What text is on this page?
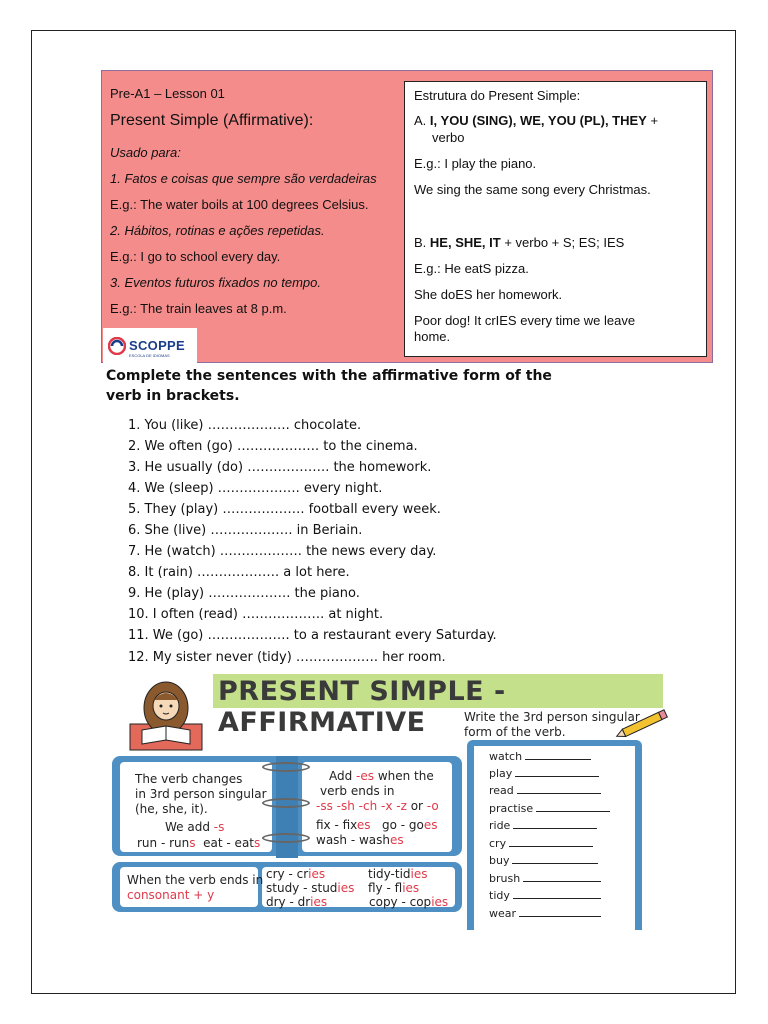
Pre-A1 – Lesson 01
Present Simple (Affirmative):
Usado para:
1. Fatos e coisas que sempre são verdadeiras
E.g.: The water boils at 100 degrees Celsius.
2. Hábitos, rotinas e ações repetidas.
E.g.: I go to school every day.
3. Eventos futuros fixados no tempo.
E.g.: The train leaves at 8 p.m.
Estrutura do Present Simple:
A. I, YOU (SING), WE, YOU (PL), THEY +
verbo
E.g.: I play the piano.
We sing the same song every Christmas.
B. HE, SHE, IT + verbo + S; ES; IES
E.g.: He eatS pizza.
She doES her homework.
Poor dog! It crIES every time we leave
home.
SCOPPE
ESCOLA DE IDIOMAS
Complete the sentences with the affirmative form of the verb in brackets.
1. You (like) ………………. chocolate.
2. We often (go) ………………. to the cinema.
3. He usually (do) ………………. the homework.
4. We (sleep) ………………. every night.
5. They (play) ………………. football every week.
6. She (live) ………………. in Beriain.
7. He (watch) ………………. the news every day.
8. It (rain) ………………. a lot here.
9. He (play) ………………. the piano.
10. I often (read) ………………. at night.
11. We (go) ………………. to a restaurant every Saturday.
12. My sister never (tidy) ………………. her room.
PRESENT SIMPLE - AFFIRMATIVE	Write the 3rd person singular
form of the verb.
The verb changes
in 3rd person singular
(he, she, it).
We add -s
run - runs eat - eats
Add -es when the
verb ends in
-ss -sh -ch -x -z or -o
fix - fixes go - goes
wash - washes
When the verb ends in
consonant + y
cry - cries	tidy-tidies
study - studies fly - flies
dry - dries	copy - copies
watch
play
read
practise
ride
cry
buy
brush
tidy
wear
